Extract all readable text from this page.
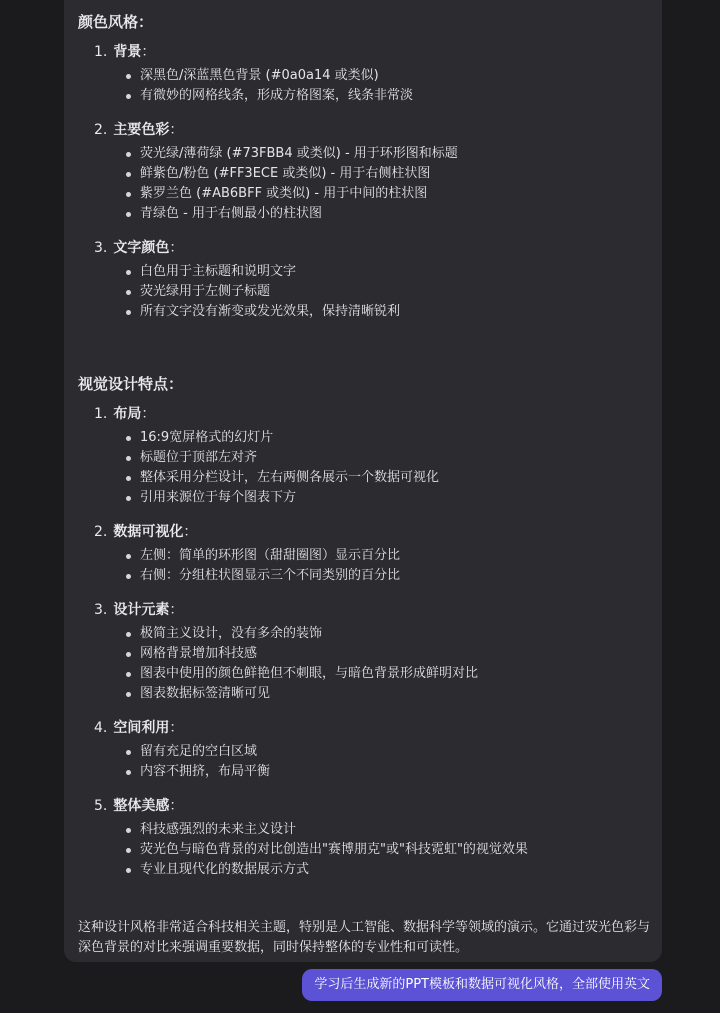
颜色风格：
1. 背景：
深黑色/深蓝黑色背景 (#0a0a14 或类似)
有微妙的网格线条，形成方格图案，线条非常淡
2. 主要色彩：
荧光绿/薄荷绿 (#73FBB4 或类似) - 用于环形图和标题
鲜紫色/粉色 (#FF3ECE 或类似) - 用于右侧柱状图
紫罗兰色 (#AB6BFF 或类似) - 用于中间的柱状图
青绿色 - 用于右侧最小的柱状图
3. 文字颜色：
白色用于主标题和说明文字
荧光绿用于左侧子标题
所有文字没有渐变或发光效果，保持清晰锐利
视觉设计特点：
1. 布局：
16:9宽屏格式的幻灯片
标题位于顶部左对齐
整体采用分栏设计，左右两侧各展示一个数据可视化
引用来源位于每个图表下方
2. 数据可视化：
左侧：简单的环形图（甜甜圈图）显示百分比
右侧：分组柱状图显示三个不同类别的百分比
3. 设计元素：
极简主义设计，没有多余的装饰
网格背景增加科技感
图表中使用的颜色鲜艳但不刺眼，与暗色背景形成鲜明对比
图表数据标签清晰可见
4. 空间利用：
留有充足的空白区域
内容不拥挤，布局平衡
5. 整体美感：
科技感强烈的未来主义设计
荧光色与暗色背景的对比创造出"赛博朋克"或"科技霓虹"的视觉效果
专业且现代化的数据展示方式
这种设计风格非常适合科技相关主题，特别是人工智能、数据科学等领域的演示。它通过荧光色彩与深色背景的对比来强调重要数据，同时保持整体的专业性和可读性。
学习后生成新的PPT模板和数据可视化风格，全部使用英文
